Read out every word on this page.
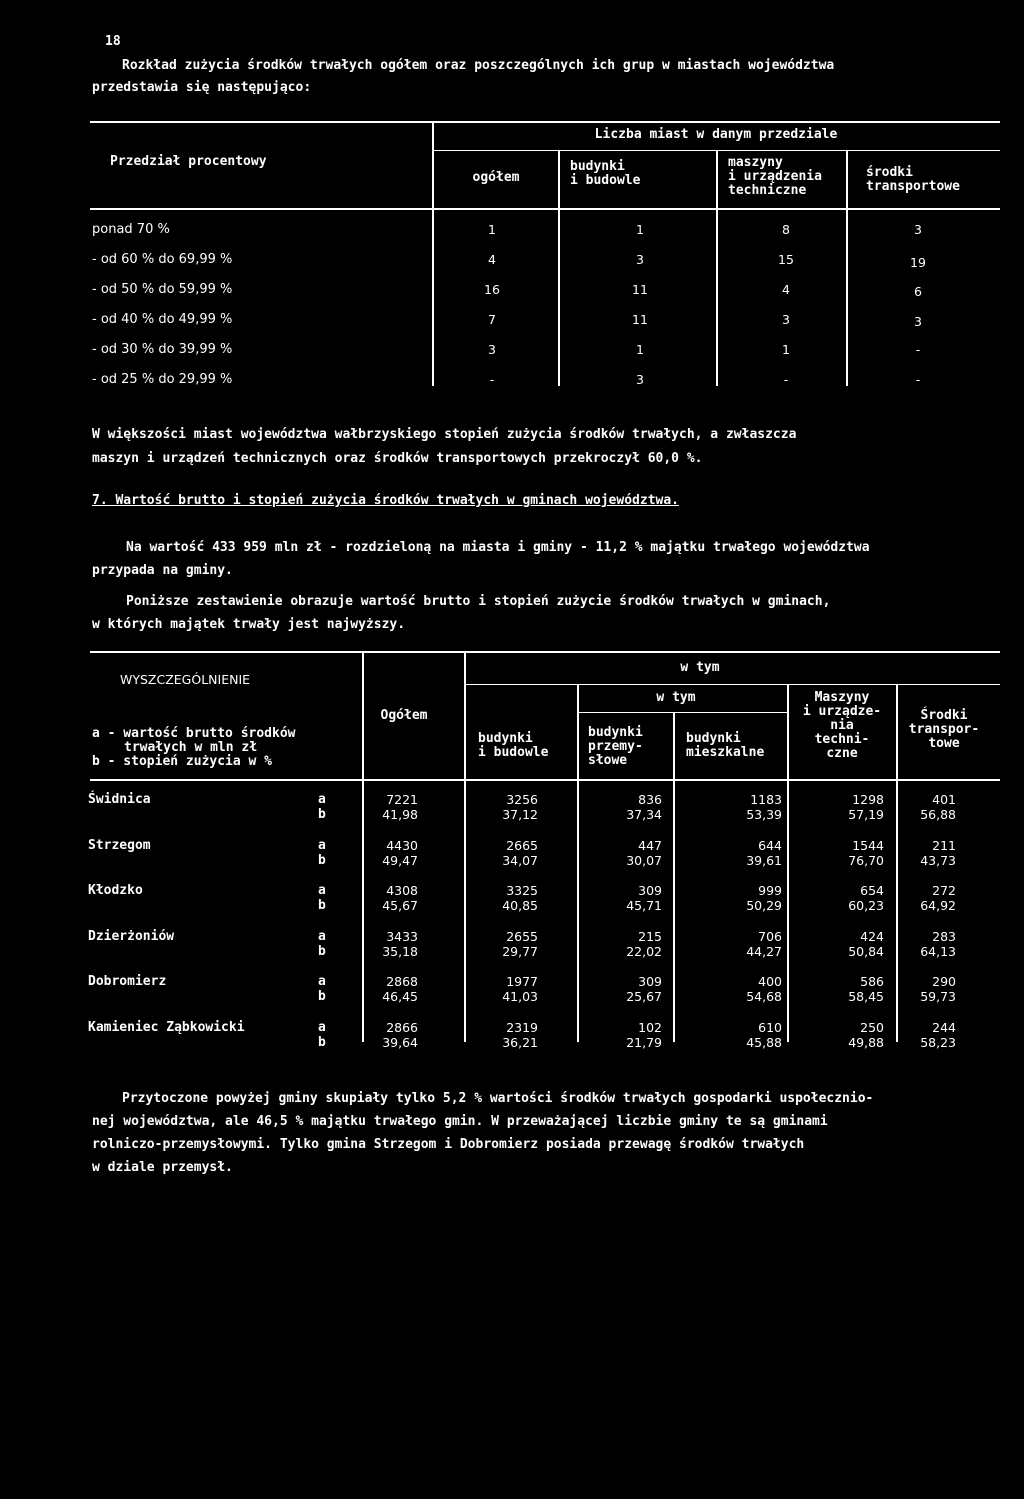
18
Rozkład zużycia środków trwałych ogółem oraz poszczególnych ich grup w miastach województwa
przedstawia się następująco:
Przedział procentowy
Liczba miast w danym przedziale
ogółem
budynki
i budowle
maszyny
i urządzenia
techniczne
środki
transportowe
ponad 70 %	1	1	8	3
- od 60 % do 69,99 %	4	3	15	19
- od 50 % do 59,99 %	16	11	4	6
- od 40 % do 49,99 %	7	11	3	3
- od 30 % do 39,99 %	3	1	1	-
- od 25 % do 29,99 %	-	3	-	-
W większości miast województwa wałbrzyskiego stopień zużycia środków trwałych, a zwłaszcza
maszyn i urządzeń technicznych oraz środków transportowych przekroczył 60,0 %.
7. Wartość brutto i stopień zużycia środków trwałych w gminach województwa.
Na wartość 433 959 mln zł - rozdzieloną na miasta i gminy - 11,2 % majątku trwałego województwa
przypada na gminy.
Poniższe zestawienie obrazuje wartość brutto i stopień zużycie środków trwałych w gminach,
w których majątek trwały jest najwyższy.
WYSZCZEGÓLNIENIE
a - wartość brutto środków
trwałych w mln zł
b - stopień zużycia w %
Ogółem
w tym
w tym
budynki
i budowle
budynki
przemy-
słowe
budynki
mieszkalne
Maszyny
i urządze-
nia
techni-
czne
Środki
transpor-
towe
Świdnica	a	7221	3256	836	1183	1298	401
b	41,98	37,12	37,34	53,39	57,19	56,88
Strzegom	a	4430	2665	447	644	1544	211
b	49,47	34,07	30,07	39,61	76,70	43,73
Kłodzko	a	4308	3325	309	999	654	272
b	45,67	40,85	45,71	50,29	60,23	64,92
Dzierżoniów	a	3433	2655	215	706	424	283
b	35,18	29,77	22,02	44,27	50,84	64,13
Dobromierz	a	2868	1977	309	400	586	290
b	46,45	41,03	25,67	54,68	58,45	59,73
Kamieniec Ząbkowicki	a	2866	2319	102	610	250	244
b	39,64	36,21	21,79	45,88	49,88	58,23
Przytoczone powyżej gminy skupiały tylko 5,2 % wartości środków trwałych gospodarki uspołecznio-
nej województwa, ale 46,5 % majątku trwałego gmin. W przeważającej liczbie gminy te są gminami
rolniczo-przemysłowymi. Tylko gmina Strzegom i Dobromierz posiada przewagę środków trwałych
w dziale przemysł.
